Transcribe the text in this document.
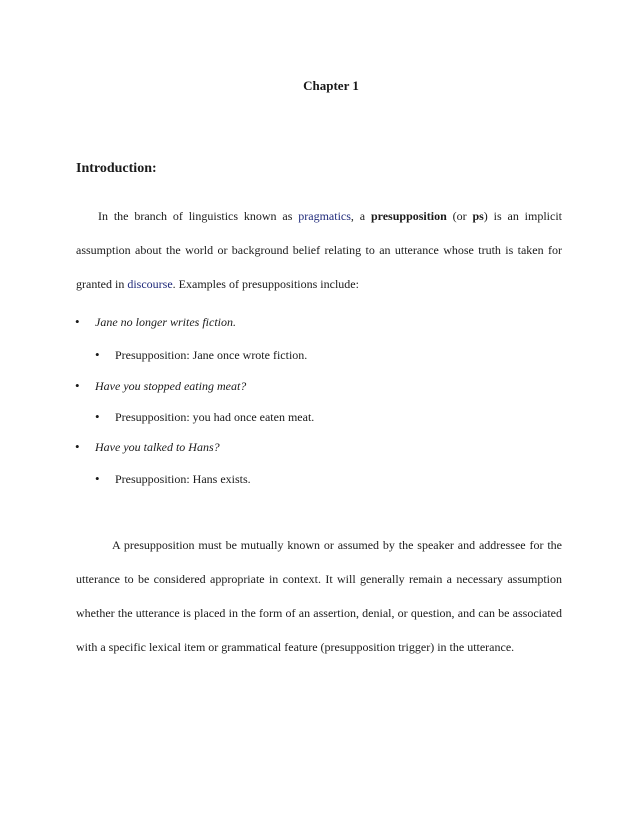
Chapter 1
Introduction:

In the branch of linguistics known as pragmatics, a presupposition (or ps) is an implicit assumption about the world or background belief relating to an utterance whose truth is taken for granted in discourse. Examples of presuppositions include:

• Jane no longer writes fiction.
• Presupposition: Jane once wrote fiction.
• Have you stopped eating meat?
• Presupposition: you had once eaten meat.
• Have you talked to Hans?
• Presupposition: Hans exists.

A presupposition must be mutually known or assumed by the speaker and addressee for the utterance to be considered appropriate in context. It will generally remain a necessary assumption whether the utterance is placed in the form of an assertion, denial, or question, and can be associated with a specific lexical item or grammatical feature (presupposition trigger) in the utterance.
